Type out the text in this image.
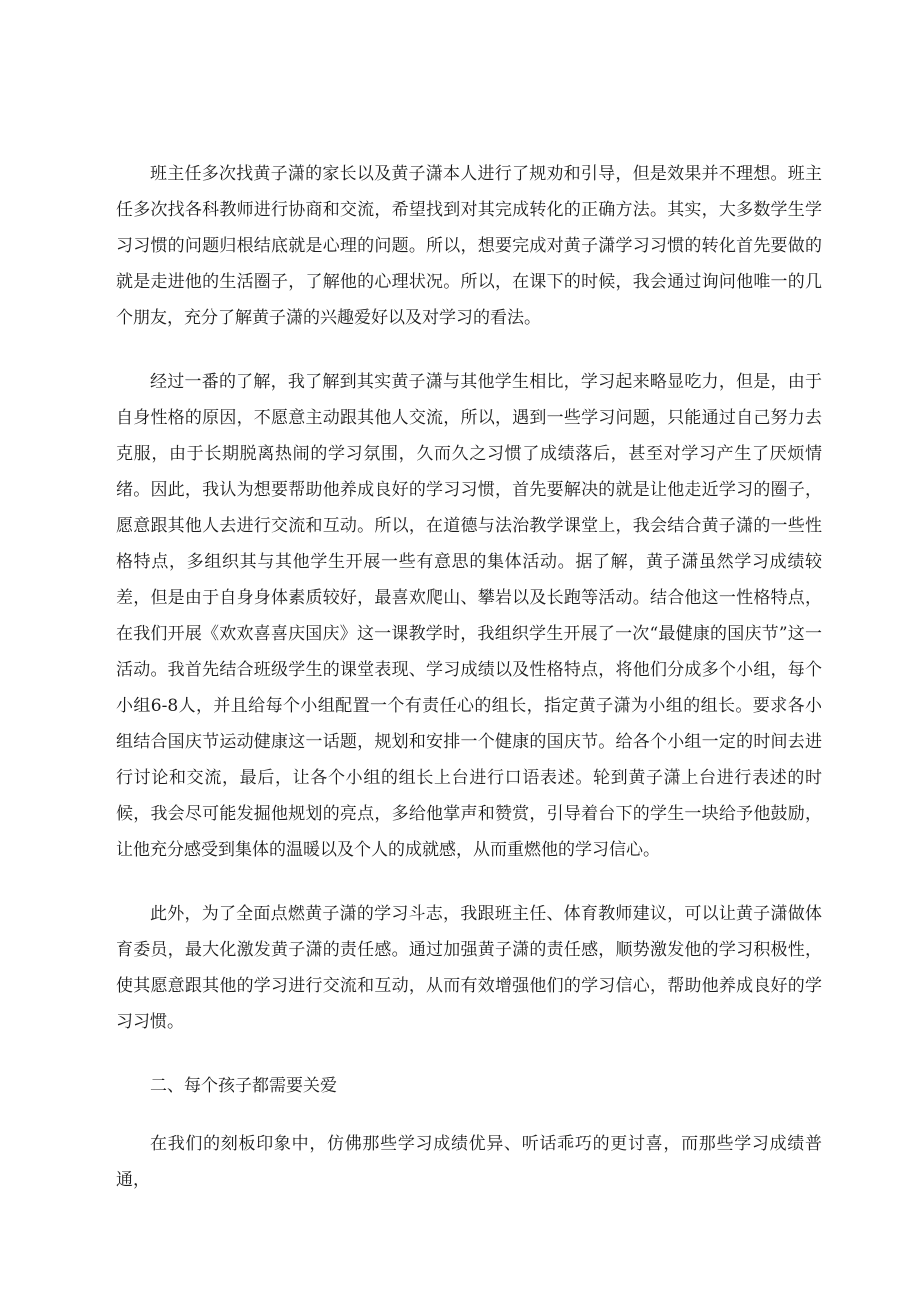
班主任多次找黄子潇的家长以及黄子潇本人进行了规劝和引导，但是效果并不理想。班主任多次找各科教师进行协商和交流，希望找到对其完成转化的正确方法。其实，大多数学生学习习惯的问题归根结底就是心理的问题。所以，想要完成对黄子潇学习习惯的转化首先要做的就是走进他的生活圈子，了解他的心理状况。所以，在课下的时候，我会通过询问他唯一的几个朋友，充分了解黄子潇的兴趣爱好以及对学习的看法。

经过一番的了解，我了解到其实黄子潇与其他学生相比，学习起来略显吃力，但是，由于自身性格的原因，不愿意主动跟其他人交流，所以，遇到一些学习问题，只能通过自己努力去克服，由于长期脱离热闹的学习氛围，久而久之习惯了成绩落后，甚至对学习产生了厌烦情绪。因此，我认为想要帮助他养成良好的学习习惯，首先要解决的就是让他走近学习的圈子，愿意跟其他人去进行交流和互动。所以，在道德与法治教学课堂上，我会结合黄子潇的一些性格特点，多组织其与其他学生开展一些有意思的集体活动。据了解，黄子潇虽然学习成绩较差，但是由于自身身体素质较好，最喜欢爬山、攀岩以及长跑等活动。结合他这一性格特点，在我们开展《欢欢喜喜庆国庆》这一课教学时，我组织学生开展了一次“最健康的国庆节”这一活动。我首先结合班级学生的课堂表现、学习成绩以及性格特点，将他们分成多个小组，每个小组6-8人，并且给每个小组配置一个有责任心的组长，指定黄子潇为小组的组长。要求各小组结合国庆节运动健康这一话题，规划和安排一个健康的国庆节。给各个小组一定的时间去进行讨论和交流，最后，让各个小组的组长上台进行口语表述。轮到黄子潇上台进行表述的时候，我会尽可能发掘他规划的亮点，多给他掌声和赞赏，引导着台下的学生一块给予他鼓励，让他充分感受到集体的温暖以及个人的成就感，从而重燃他的学习信心。

此外，为了全面点燃黄子潇的学习斗志，我跟班主任、体育教师建议，可以让黄子潇做体育委员，最大化激发黄子潇的责任感。通过加强黄子潇的责任感，顺势激发他的学习积极性，使其愿意跟其他的学习进行交流和互动，从而有效增强他们的学习信心，帮助他养成良好的学习习惯。

二、每个孩子都需要关爱

在我们的刻板印象中，仿佛那些学习成绩优异、听话乖巧的更讨喜，而那些学习成绩普通，
